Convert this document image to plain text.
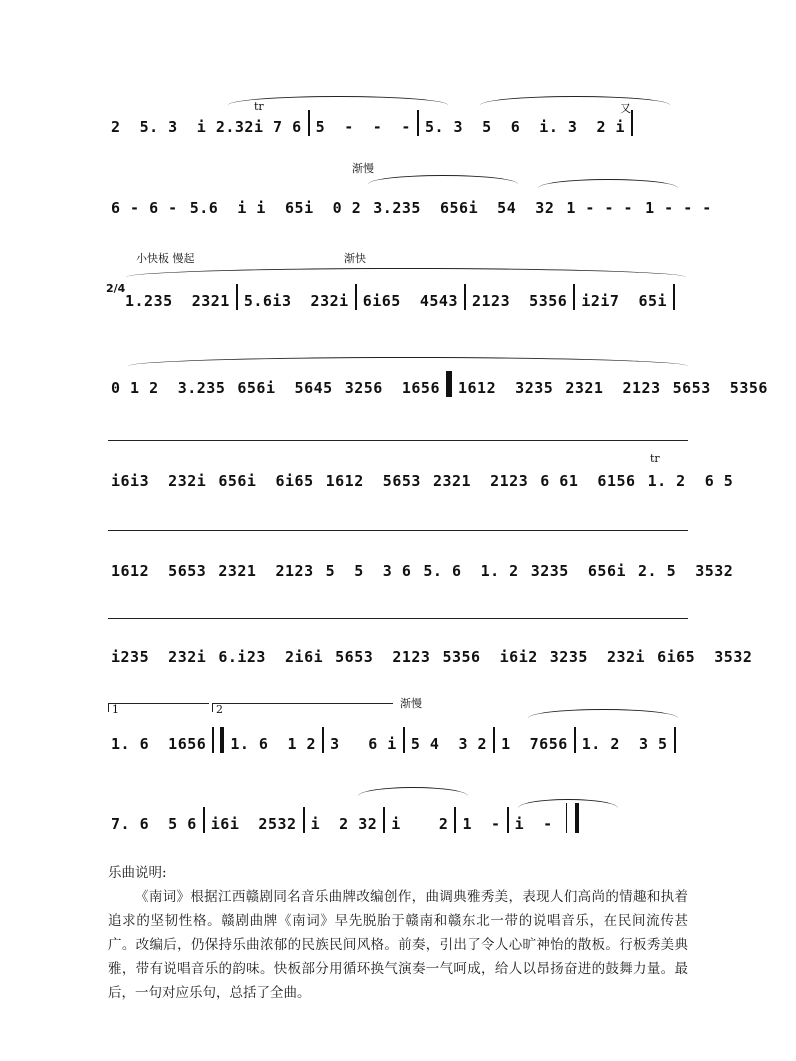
tr	又
2  5. 3  i 2.32i 7 6 5  -  -  - 5. 3  5  6  i. 3  2 i
渐慢
6 - 6 - 5.6  i i  65i  0 2 3.235  656i  54  32 1 - - - 1 - - -
小快板 慢起	渐快
2/4
1.235  2321 5.6i3  232i 6i65  4543 2123  5356 i2i7  65i
0 1 2  3.235 656i  5645 3256  1656 1612  3235 2321  2123 5653  5356
tr
i6i3  232i 656i  6i65 1612  5653 2321  2123 6 61  6156 1. 2  6 5
1612  5653 2321  2123 5  5  3 6 5. 6  1. 2 3235  656i 2. 5  3532
i235  232i 6.i23  2i6i 5653  2123 5356  i6i2 3235  232i 6i65  3532
1	2	渐慢
1. 6  1656 1. 6  1 2 3   6 i 5 4  3 2 1  7656 1. 2  3 5
7. 6  5 6 i6i  2532 i  2 32 i    2 1  - i  -
乐曲说明:
《南词》根据江西赣剧同名音乐曲牌改编创作，曲调典雅秀美，表现人们高尚的情趣和执着追求的坚韧性格。赣剧曲牌《南词》早先脱胎于赣南和赣东北一带的说唱音乐，在民间流传甚广。改编后，仍保持乐曲浓郁的民族民间风格。前奏，引出了令人心旷神怡的散板。行板秀美典雅，带有说唱音乐的韵味。快板部分用循环换气演奏一气呵成，给人以昂扬奋进的鼓舞力量。最后，一句对应乐句，总括了全曲。
